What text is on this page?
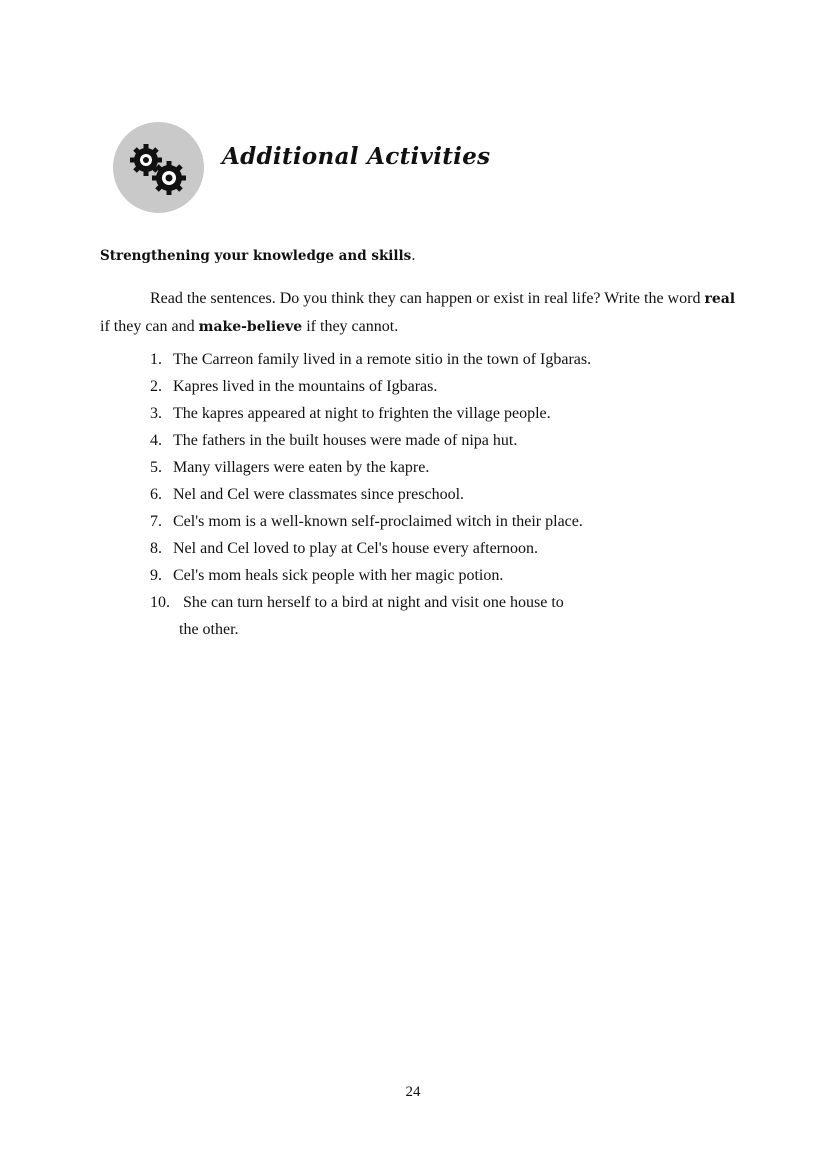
Additional Activities
Strengthening your knowledge and skills.
Read the sentences. Do you think they can happen or exist in real life? Write the word real if they can and make-believe if they cannot.
1. The Carreon family lived in a remote sitio in the town of Igbaras.
2. Kapres lived in the mountains of Igbaras.
3. The kapres appeared at night to frighten the village people.
4. The fathers in the built houses were made of nipa hut.
5. Many villagers were eaten by the kapre.
6. Nel and Cel were classmates since preschool.
7. Cel's mom is a well-known self-proclaimed witch in their place.
8. Nel and Cel loved to play at Cel's house every afternoon.
9. Cel's mom heals sick people with her magic potion.
10. She can turn herself to a bird at night and visit one house to
the other.
24
